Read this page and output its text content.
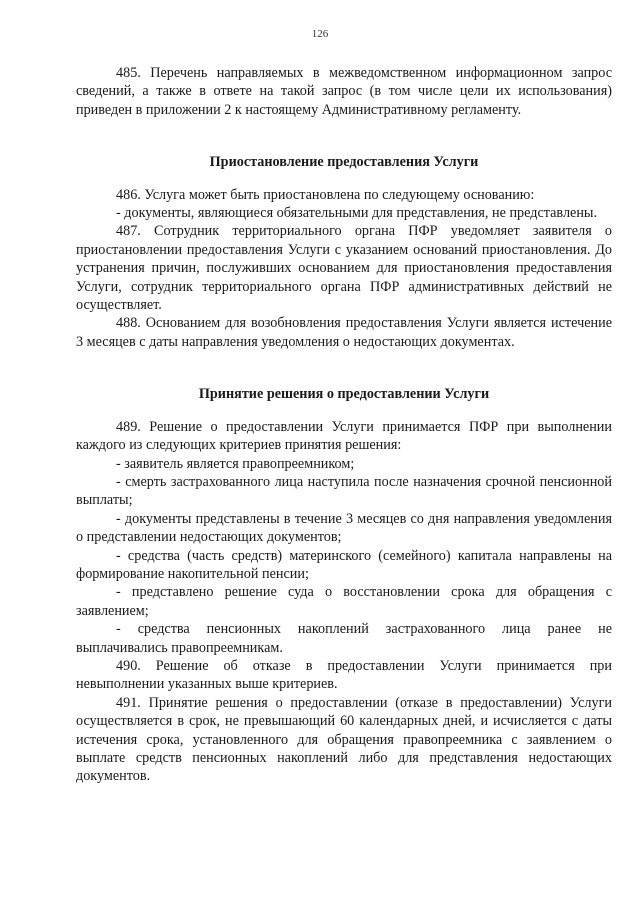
126

485. Перечень направляемых в межведомственном информационном запрос сведений, а также в ответе на такой запрос (в том числе цели их использования) приведен в приложении 2 к настоящему Административному регламенту.

Приостановление предоставления Услуги

486. Услуга может быть приостановлена по следующему основанию:

- документы, являющиеся обязательными для представления, не представлены.

487. Сотрудник территориального органа ПФР уведомляет заявителя о приостановлении предоставления Услуги с указанием оснований приостановления. До устранения причин, послуживших основанием для приостановления предоставления Услуги, сотрудник территориального органа ПФР административных действий не осуществляет.

488. Основанием для возобновления предоставления Услуги является истечение 3 месяцев с даты направления уведомления о недостающих документах.

Принятие решения о предоставлении Услуги

489. Решение о предоставлении Услуги принимается ПФР при выполнении каждого из следующих критериев принятия решения:

- заявитель является правопреемником;

- смерть застрахованного лица наступила после назначения срочной пенсионной выплаты;

- документы представлены в течение 3 месяцев со дня направления уведомления о представлении недостающих документов;

- средства (часть средств) материнского (семейного) капитала направлены на формирование накопительной пенсии;

- представлено решение суда о восстановлении срока для обращения с заявлением;

- средства пенсионных накоплений застрахованного лица ранее не выплачивались правопреемникам.

490. Решение об отказе в предоставлении Услуги принимается при невыполнении указанных выше критериев.

491. Принятие решения о предоставлении (отказе в предоставлении) Услуги осуществляется в срок, не превышающий 60 календарных дней, и исчисляется с даты истечения срока, установленного для обращения правопреемника с заявлением о выплате средств пенсионных накоплений либо для представления недостающих документов.
